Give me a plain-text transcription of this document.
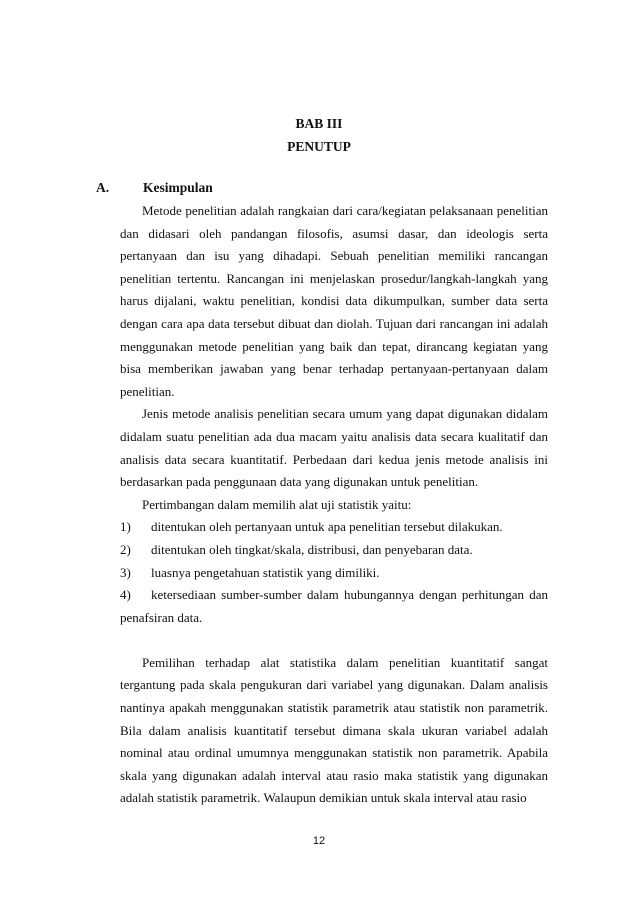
BAB III
PENUTUP
A.	Kesimpulan

Metode penelitian adalah rangkaian dari cara/kegiatan pelaksanaan penelitian dan didasari oleh pandangan filosofis, asumsi dasar, dan ideologis serta pertanyaan dan isu yang dihadapi. Sebuah penelitian memiliki rancangan penelitian tertentu. Rancangan ini menjelaskan prosedur/langkah-langkah yang harus dijalani, waktu penelitian, kondisi data dikumpulkan, sumber data serta dengan cara apa data tersebut dibuat dan diolah. Tujuan dari rancangan ini adalah menggunakan metode penelitian yang baik dan tepat, dirancang kegiatan yang bisa memberikan jawaban yang benar terhadap pertanyaan-pertanyaan dalam penelitian.

Jenis metode analisis penelitian secara umum yang dapat digunakan didalam didalam suatu penelitian ada dua macam yaitu analisis data secara kualitatif dan analisis data secara kuantitatif. Perbedaan dari kedua jenis metode analisis ini berdasarkan pada penggunaan data yang digunakan untuk penelitian.

Pertimbangan dalam memilih alat uji statistik yaitu:

1)	ditentukan oleh pertanyaan untuk apa penelitian tersebut dilakukan.
2)	ditentukan oleh tingkat/skala, distribusi, dan penyebaran data.
3)	luasnya pengetahuan statistik yang dimiliki.

4) ketersediaan sumber-sumber dalam hubungannya dengan perhitungan dan penafsiran data.

Pemilihan terhadap alat statistika dalam penelitian kuantitatif sangat tergantung pada skala pengukuran dari variabel yang digunakan. Dalam analisis nantinya apakah menggunakan statistik parametrik atau statistik non parametrik. Bila dalam analisis kuantitatif tersebut dimana skala ukuran variabel adalah nominal atau ordinal umumnya menggunakan statistik non parametrik. Apabila skala yang digunakan adalah interval atau rasio maka statistik yang digunakan adalah statistik parametrik. Walaupun demikian untuk skala interval atau rasio

12
